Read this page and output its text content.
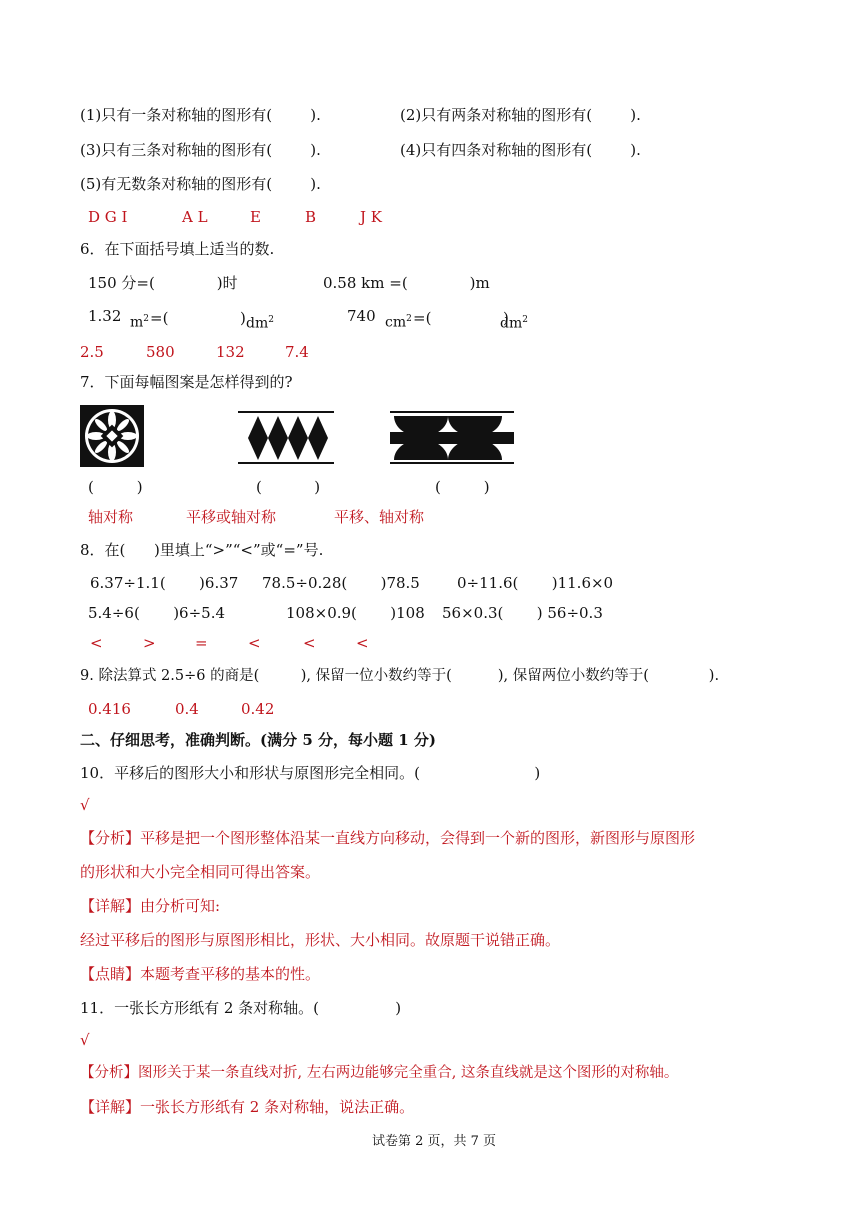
(1)只有一条对称轴的图形有(        ).	(2)只有两条对称轴的图形有(        ).
(3)只有三条对称轴的图形有(        ).	(4)只有四条对称轴的图形有(        ).
(5)有无数条对称轴的图形有(        ).
D G I	A L	E	B	J K
6．在下面括号填上适当的数.
150 分=(             )时	0.58 km =(             )m
1.32 $m^2$ =(               ) $dm^2$	740 $cm^2$ =(               )
$dm^2$
2.5	580	132	7.4
7．下面每幅图案是怎样得到的?
(         )	(           )	(         )
轴对称	平移或轴对称	平移、轴对称
8．在(      )里填上“>”“<”或“=”号.
6.37÷1.1(       )6.37 78.5÷0.28(       )78.5 0÷11.6(       )11.6×0
5.4÷6(       )6÷5.4	108×0.9(       )108 56×0.3(       ) 56÷0.3
<	>	=	<	<	<
9. 除法算式 2.5÷6 的商是(         ), 保留一位小数约等于(          ), 保留两位小数约等于(             ).
0.416	0.4	0.42
二、仔细思考，准确判断。(满分 5 分，每小题 1 分)
10．平移后的图形大小和形状与原图形完全相同。(                        )
√
【分析】平移是把一个图形整体沿某一直线方向移动，会得到一个新的图形，新图形与原图形
的形状和大小完全相同可得出答案。
【详解】由分析可知:
经过平移后的图形与原图形相比，形状、大小相同。故原题干说错正确。
【点睛】本题考查平移的基本的性。
11．一张长方形纸有 2 条对称轴。(                )
√
【分析】图形关于某一条直线对折, 左右两边能够完全重合, 这条直线就是这个图形的对称轴。
【详解】一张长方形纸有 2 条对称轴，说法正确。
试卷第 2 页，共 7 页
